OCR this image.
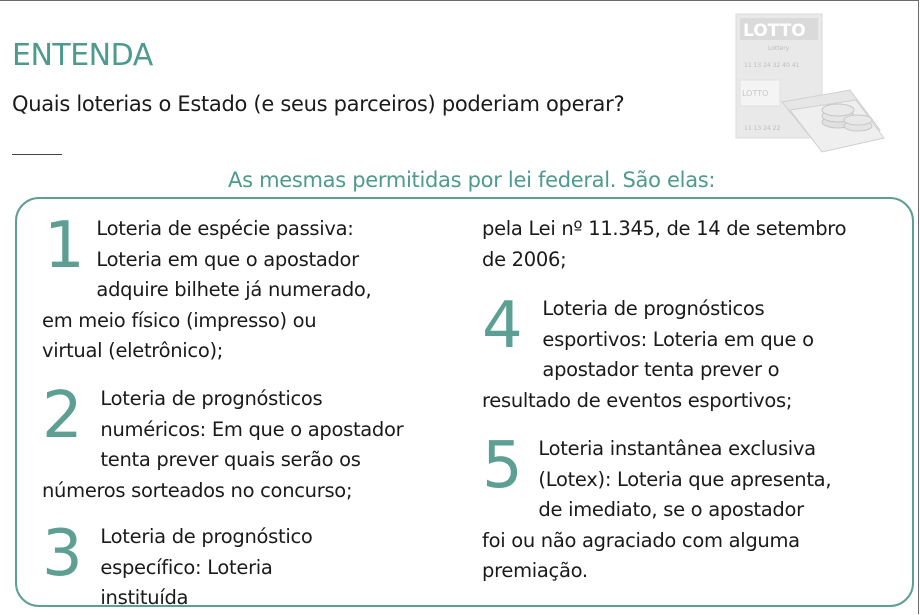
ENTENDA
Quais loterias o Estado (e seus parceiros) poderiam operar?
LOTTO
Lottery
11 13 24 32 40 41
LOTTO
11 13 24 22
As mesmas permitidas por lei federal. São elas:
1 Loteria de espécie passiva: Loteria em que o apostador adquire bilhete já numerado, em meio físico (impresso) ou virtual (eletrônico);
2 Loteria de prognósticos numéricos: Em que o apostador tenta prever quais serão os números sorteados no concurso;
3 Loteria de prognóstico específico: Loteria instituída
pela Lei nº 11.345, de 14 de setembro de 2006;
4 Loteria de prognósticos esportivos: Loteria em que o apostador tenta prever o resultado de eventos esportivos;
5 Loteria instantânea exclusiva (Lotex): Loteria que apresenta, de imediato, se o apostador foi ou não agraciado com alguma premiação.
